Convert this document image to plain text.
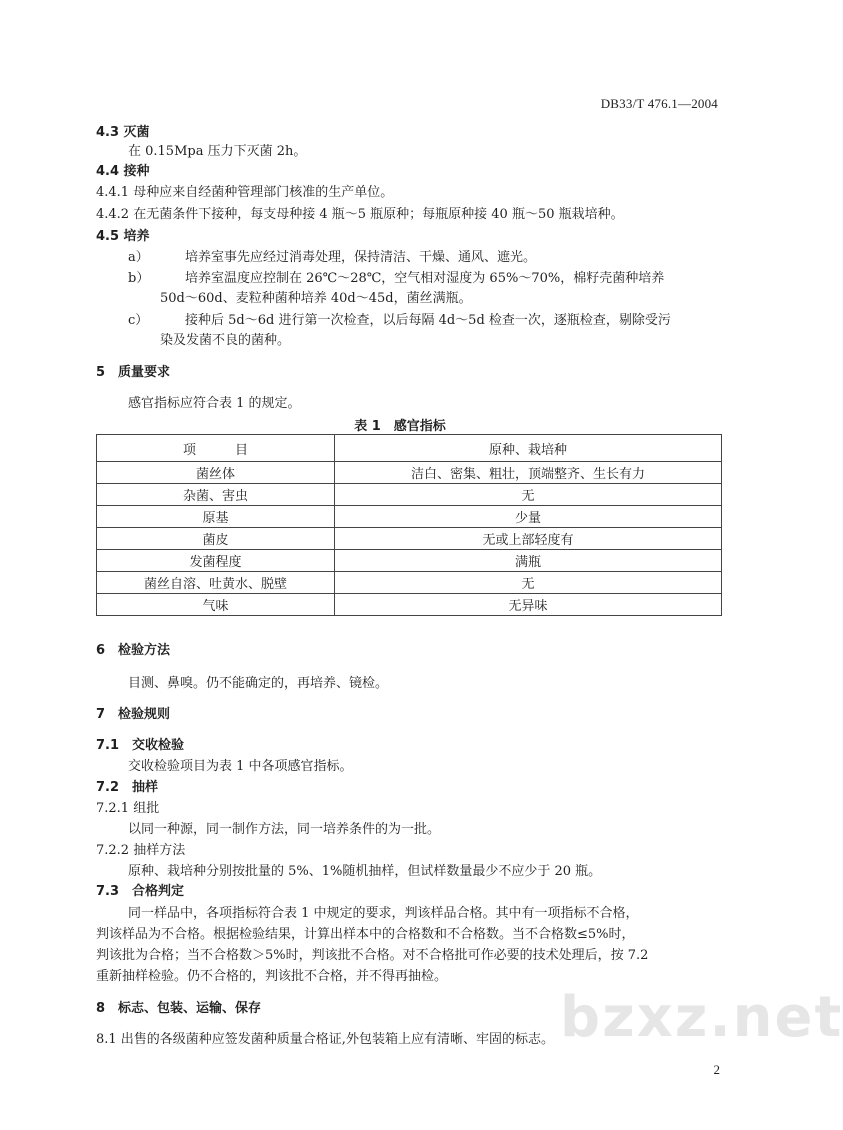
DB33/T 476.1—2004
4.3 灭菌
在 0.15Mpa 压力下灭菌 2h。
4.4 接种
4.4.1 母种应来自经菌种管理部门核准的生产单位。
4.4.2 在无菌条件下接种，每支母种接 4 瓶～5 瓶原种；每瓶原种接 40 瓶～50 瓶栽培种。
4.5 培养
a）	培养室事先应经过消毒处理，保持清洁、干燥、通风、遮光。
b）	培养室温度应控制在 26℃～28℃，空气相对湿度为 65%～70%，棉籽壳菌种培养
50d～60d、麦粒种菌种培养 40d～45d，菌丝满瓶。
c）	接种后 5d～6d 进行第一次检查，以后每隔 4d～5d 检查一次，逐瓶检查，剔除受污
染及发菌不良的菌种。
5　质量要求
感官指标应符合表 1 的规定。
表 1　感官指标
项　　　目	原种、栽培种
菌丝体	洁白、密集、粗壮，顶端整齐、生长有力
杂菌、害虫	无
原基	少量
菌皮	无或上部轻度有
发菌程度	满瓶
菌丝自溶、吐黄水、脱壁	无
气味	无异味
6　检验方法
目测、鼻嗅。仍不能确定的，再培养、镜检。
7　检验规则
7.1　交收检验
交收检验项目为表 1 中各项感官指标。
7.2　抽样
7.2.1 组批
以同一种源，同一制作方法，同一培养条件的为一批。
7.2.2 抽样方法
原种、栽培种分别按批量的 5%、1%随机抽样，但试样数量最少不应少于 20 瓶。
7.3　合格判定
同一样品中，各项指标符合表 1 中规定的要求，判该样品合格。其中有一项指标不合格，
判该样品为不合格。根据检验结果，计算出样本中的合格数和不合格数。当不合格数≤5%时，
判该批为合格；当不合格数＞5%时，判该批不合格。对不合格批可作必要的技术处理后，按 7.2
重新抽样检验。仍不合格的，判该批不合格，并不得再抽检。
8　标志、包装、运输、保存
8.1 出售的各级菌种应签发菌种质量合格证,外包装箱上应有清晰、牢固的标志。 bzxz.net
2
